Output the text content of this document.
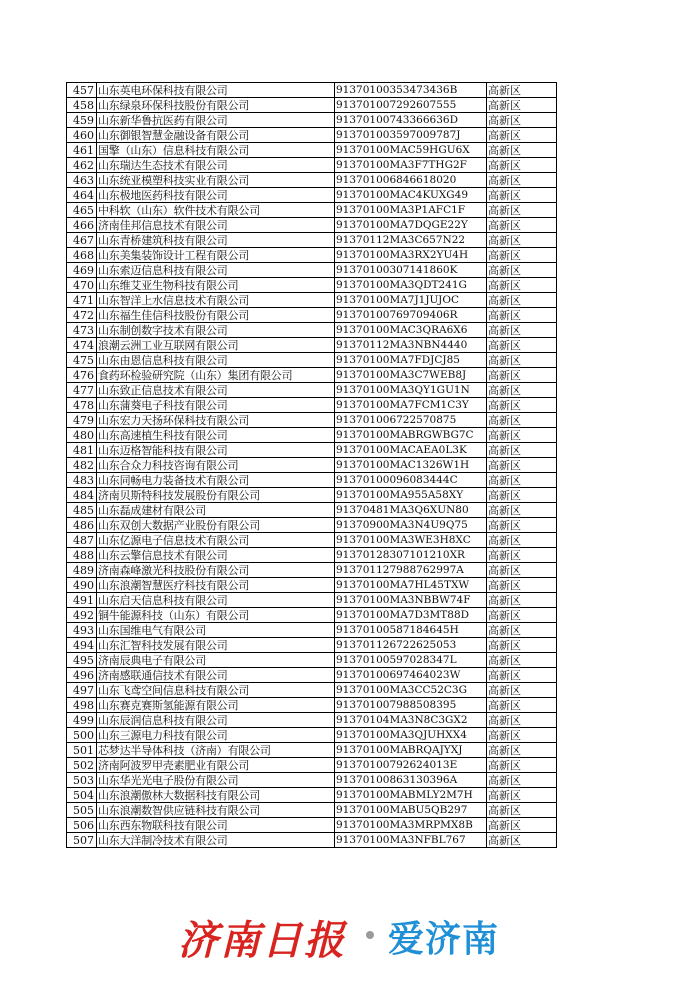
457	山东英电环保科技有限公司	91370100353473436B	高新区
458	山东绿泉环保科技股份有限公司	913701007292607555	高新区
459	山东新华鲁抗医药有限公司	91370100743366636D	高新区
460	山东御银智慧金融设备有限公司	913701003597009787J	高新区
461	国擎（山东）信息科技有限公司	91370100MAC59HGU6X	高新区
462	山东瑞达生态技术有限公司	91370100MA3F7THG2F	高新区
463	山东统亚模塑科技实业有限公司	913701006846618020	高新区
464	山东极地医药科技有限公司	91370100MAC4KUXG49	高新区
465	中科软（山东）软件技术有限公司	91370100MA3P1AFC1F	高新区
466	济南佳邦信息技术有限公司	91370100MA7DQGE22Y	高新区
467	山东青桥建筑科技有限公司	91370112MA3C657N22	高新区
468	山东美集装饰设计工程有限公司	91370100MA3RX2YU4H	高新区
469	山东索迈信息科技有限公司	91370100307141860K	高新区
470	山东维艾亚生物科技有限公司	91370100MA3QDT241G	高新区
471	山东智洋上水信息技术有限公司	91370100MA7J1JUJOC	高新区
472	山东福生佳信科技股份有限公司	91370100769709406R	高新区
473	山东制创数字技术有限公司	91370100MAC3QRA6X6	高新区
474	浪潮云洲工业互联网有限公司	91370112MA3NBN4440	高新区
475	山东由恩信息科技有限公司	91370100MA7FDJCJ85	高新区
476	食药环检验研究院（山东）集团有限公司	91370100MA3C7WEB8J	高新区
477	山东致正信息技术有限公司	91370100MA3QY1GU1N	高新区
478	山东蒲葵电子科技有限公司	91370100MA7FCM1C3Y	高新区
479	山东宏力天扬环保科技有限公司	913701006722570875	高新区
480	山东高速植生科技有限公司	91370100MABRGWBG7C	高新区
481	山东迈格智能科技有限公司	91370100MACAEA0L3K	高新区
482	山东合众力科技咨询有限公司	91370100MAC1326W1H	高新区
483	山东同畅电力装备技术有限公司	91370100096083444C	高新区
484	济南贝斯特科技发展股份有限公司	91370100MA955A58XY	高新区
485	山东磊成建材有限公司	91370481MA3Q6XUN80	高新区
486	山东双创大数据产业股份有限公司	91370900MA3N4U9Q75	高新区
487	山东亿源电子信息技术有限公司	91370100MA3WE3H8XC	高新区
488	山东云擎信息技术有限公司	91370128307101210XR	高新区
489	济南森峰激光科技股份有限公司	913701127988762997A	高新区
490	山东浪潮智慧医疗科技有限公司	91370100MA7HL45TXW	高新区
491	山东启天信息科技有限公司	91370100MA3NBBW74F	高新区
492	铜牛能源科技（山东）有限公司	91370100MA7D3MT88D	高新区
493	山东国维电气有限公司	91370100587184645H	高新区
494	山东汇智科技发展有限公司	913701126722625053	高新区
495	济南辰典电子有限公司	91370100597028347L	高新区
496	济南感联通信技术有限公司	91370100697464023W	高新区
497	山东飞鸢空间信息科技有限公司	91370100MA3CC52C3G	高新区
498	山东赛克赛斯氢能源有限公司	913701007988508395	高新区
499	山东辰润信息科技有限公司	91370104MA3N8C3GX2	高新区
500	山东三源电力科技有限公司	91370100MA3QJUHXX4	高新区
501	芯梦达半导体科技（济南）有限公司	91370100MABRQAJYXJ	高新区
502	济南阿波罗甲壳素肥业有限公司	91370100792624013E	高新区
503	山东华光光电子股份有限公司	91370100863130396A	高新区
504	山东浪潮傲林大数据科技有限公司	91370100MABMLY2M7H	高新区
505	山东浪潮数智供应链科技有限公司	91370100MABU5QB297	高新区
506	山东西东物联科技有限公司	91370100MA3MRPMX8B	高新区
507	山东大洋制冷技术有限公司	91370100MA3NFBL767	高新区
济南日报 爱济南
